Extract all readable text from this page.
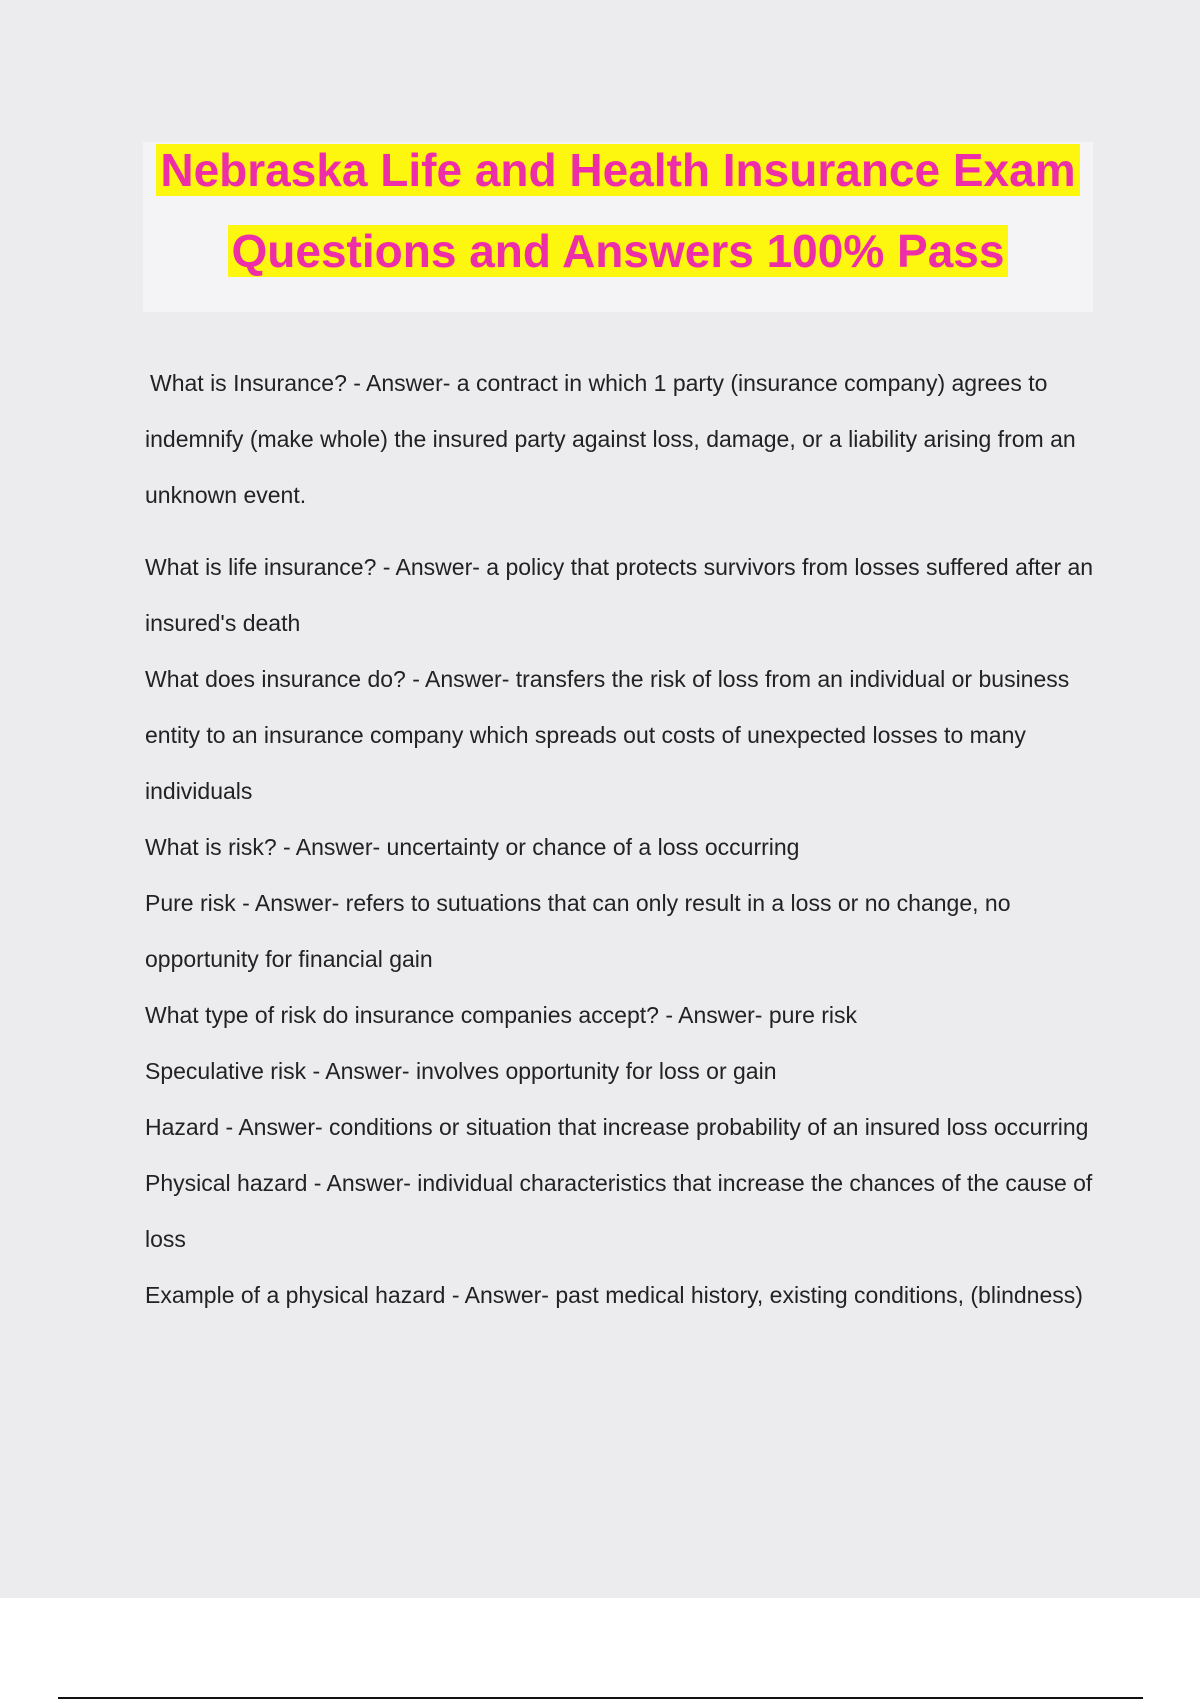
Nebraska Life and Health Insurance Exam
Questions and Answers 100% Pass

What is Insurance? - Answer- a contract in which 1 party (insurance company) agrees to indemnify (make whole) the insured party against loss, damage, or a liability arising from an unknown event.

What is life insurance? - Answer- a policy that protects survivors from losses suffered after an insured's death

What does insurance do? - Answer- transfers the risk of loss from an individual or business entity to an insurance company which spreads out costs of unexpected losses to many individuals

What is risk? - Answer- uncertainty or chance of a loss occurring

Pure risk - Answer- refers to sutuations that can only result in a loss or no change, no opportunity for financial gain

What type of risk do insurance companies accept? - Answer- pure risk

Speculative risk - Answer- involves opportunity for loss or gain

Hazard - Answer- conditions or situation that increase probability of an insured loss occurring

Physical hazard - Answer- individual characteristics that increase the chances of the cause of loss

Example of a physical hazard - Answer- past medical history, existing conditions, (blindness)
